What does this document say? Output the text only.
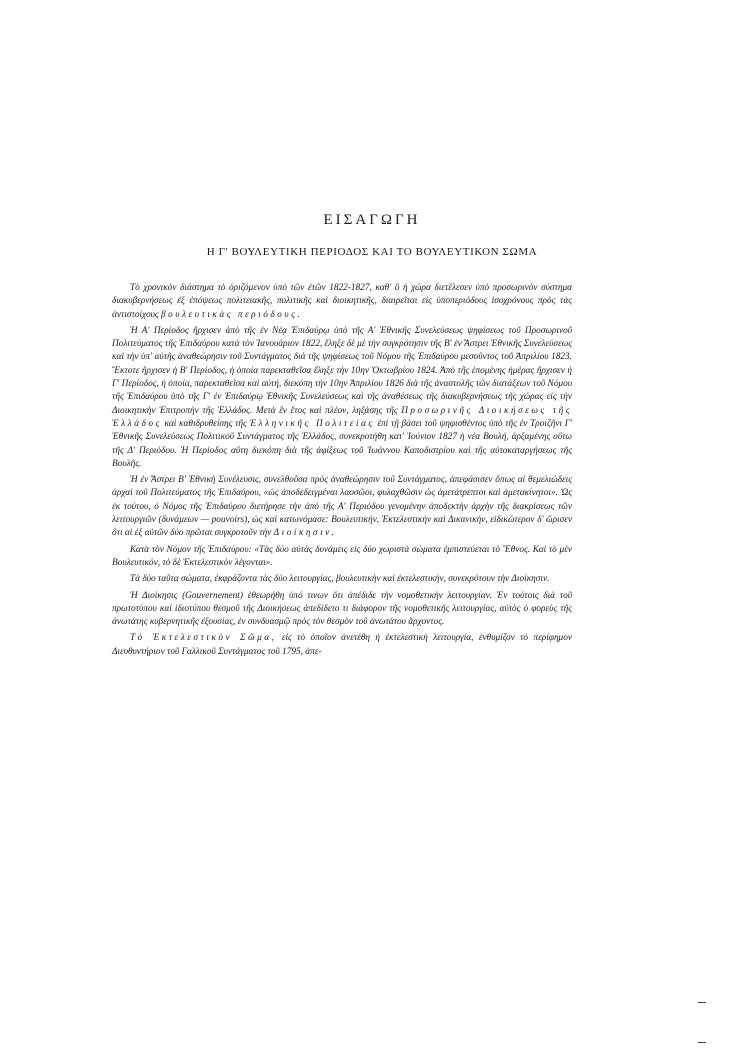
ΕΙΣΑΓΩΓΗ
Η Γ' ΒΟΥΛΕΥΤΙΚΗ ΠΕΡΙΟΔΟΣ ΚΑΙ ΤΟ ΒΟΥΛΕΥΤΙΚΟΝ ΣΩΜΑ

Τὸ χρονικὸν διάστημα τὸ ὁριζόμενον ὑπὸ τῶν ἐτῶν 1822-1827, καθ' ὃ ἡ χώρα διετέλεσεν ὑπὸ προσωρινὸν σύστημα διακυβερνήσεως ἐξ ἐπόψεως πολιτειακῆς, πολιτικῆς καὶ διοικητικῆς, διαιρεῖται εἰς ὑποπεριόδους ἰσοχρόνους πρὸς τὰς ἀντιστοίχους βουλευτικὰς περιόδους.

Ἡ Α' Περίοδος ἤρχισεν ἀπὸ τῆς ἐν Νέᾳ Ἐπιδαύρῳ ὑπὸ τῆς Α' Ἐθνικῆς Συνελεύσεως ψηφίσεως τοῦ Προσωρινοῦ Πολιτεύματος τῆς Ἐπιδαύρου κατὰ τὸν Ἰανουάριον 1822, ἔληξε δὲ μὲ τὴν συγκρότησιν τῆς Β' ἐν Ἄστρει Ἐθνικῆς Συνελεύσεως καὶ τὴν ὑπ' αὐτῆς ἀναθεώρησιν τοῦ Συντάγματος διὰ τῆς ψηφίσεως τοῦ Νόμου τῆς Ἐπιδαύρου μεσοῦντος τοῦ Ἀπριλίου 1823. Ἔκτοτε ἤρχισεν ἡ Β' Περίοδος, ἡ ὁποία παρεκταθεῖσα ἔληξε τὴν 10ην Ὀκτωβρίου 1824. Ἀπὸ τῆς ἐπομένης ἡμέρας ἤρχισεν ἡ Γ' Περίοδος, ἡ ὁποία, παρεκταθεῖσα καὶ αὐτή, διεκόπη τὴν 10ην Ἀπριλίου 1826 διὰ τῆς ἀναστολῆς τῶν διατάξεων τοῦ Νόμου τῆς Ἐπιδαύρου ὑπὸ τῆς Γ' ἐν Ἐπιδαύρῳ Ἐθνικῆς Συνελεύσεως καὶ τῆς ἀναθέσεως τῆς διακυβερνήσεως τῆς χώρας εἰς τὴν Διοικητικὴν Ἐπιτροπὴν τῆς Ἑλλάδος. Μετὰ ἓν ἔτος καὶ πλέον, ληξάσης τῆς Προσωρινῆς Διοικήσεως τῆς Ἑλλάδος καὶ καθιδρυθείσης τῆς Ἑλληνικῆς Πολιτείας ἐπὶ τῇ βάσει τοῦ ψηφισθέντος ὑπὸ τῆς ἐν Τροιζῆνι Γ' Ἐθνικῆς Συνελεύσεως Πολιτικοῦ Συντάγματος τῆς Ἑλλάδος, συνεκροτήθη κατ' Ἰούνιον 1827 ἡ νέα Βουλή, ἀρξαμένης οὕτω τῆς Δ' Περιόδου. Ἡ Περίοδος αὕτη διεκόπη διὰ τῆς ἀφίξεως τοῦ Ἰωάννου Καποδιστρίου καὶ τῆς αὐτοκαταργήσεως τῆς Βουλῆς.

Ἡ ἐν Ἄστρει Β' Ἐθνικὴ Συνέλευσις, συνελθοῦσα πρὸς ἀναθεώρησιν τοῦ Συντάγματος, ἀπεφάσισεν ὅπως αἱ θεμελιώδεις ἀρχαὶ τοῦ Πολιτεύματος τῆς Ἐπιδαύρου, «ὡς ἀποδεδειγμέναι λαοσῶοι, φυλαχθῶσιν ὡς ἀμετάτρεπτοι καὶ ἀμετακίνητοι». Ὡς ἐκ τούτου, ὁ Νόμος τῆς Ἐπιδαύρου διετήρησε τὴν ἀπὸ τῆς Α' Περιόδου γενομένην ἀποδεκτὴν ἀρχὴν τῆς διακρίσεως τῶν λειτουργιῶν (δυνάμεων — pouvoirs), ὡς καὶ κατωνόμασε: Βουλευτικήν, Ἐκτελεστικὴν καὶ Δικανικήν, εἰδικώτερον δ' ὥρισεν ὅτι αἱ ἐξ αὐτῶν δύο πρῶται συγκροτοῦν τὴν Διοίκησιν.

Κατὰ τὸν Νόμον τῆς Ἐπιδαύρου: «Τὰς δύο αὐτὰς δυνάμεις εἰς δύο χωριστὰ σώματα ἐμπιστεύεται τὸ Ἔθνος. Καὶ τὸ μὲν Βουλευτικόν, τὸ δὲ Ἐκτελεστικὸν λέγονται».

Τὰ δύο ταῦτα σώματα, ἐκφράζοντα τὰς δύο λειτουργίας, βουλευτικὴν καὶ ἐκτελεστικήν, συνεκρότουν τὴν Διοίκησιν.

Ἡ Διοίκησις (Gouvernement) ἐθεωρήθη ὑπό τινων ὅτι ἀπέδιδε τὴν νομοθετικὴν λειτουργίαν. Ἐν τούτοις διὰ τοῦ πρωτοτύπου καὶ ἰδιοτύπου θεσμοῦ τῆς Διοικήσεως ἀπεδίδετο τι διάφορον τῆς νομοθετικῆς λειτουργίας, αὐτὸς ὁ φορεὺς τῆς ἀνωτάτης κυβερνητικῆς ἐξουσίας, ἐν συνδυασμῷ πρὸς τὸν θεσμὸν τοῦ ἀνωτάτου ἄρχοντος.

Τὸ Ἐκτελεστικὸν Σῶμα, εἰς τὸ ὁποῖον ἀνετέθη ἡ ἐκτελεστικὴ λειτουργία, ἐνθυμίζον τὸ περίφημον Διευθυντήριον τοῦ Γαλλικοῦ Συντάγματος τοῦ 1795, ἀπε-
